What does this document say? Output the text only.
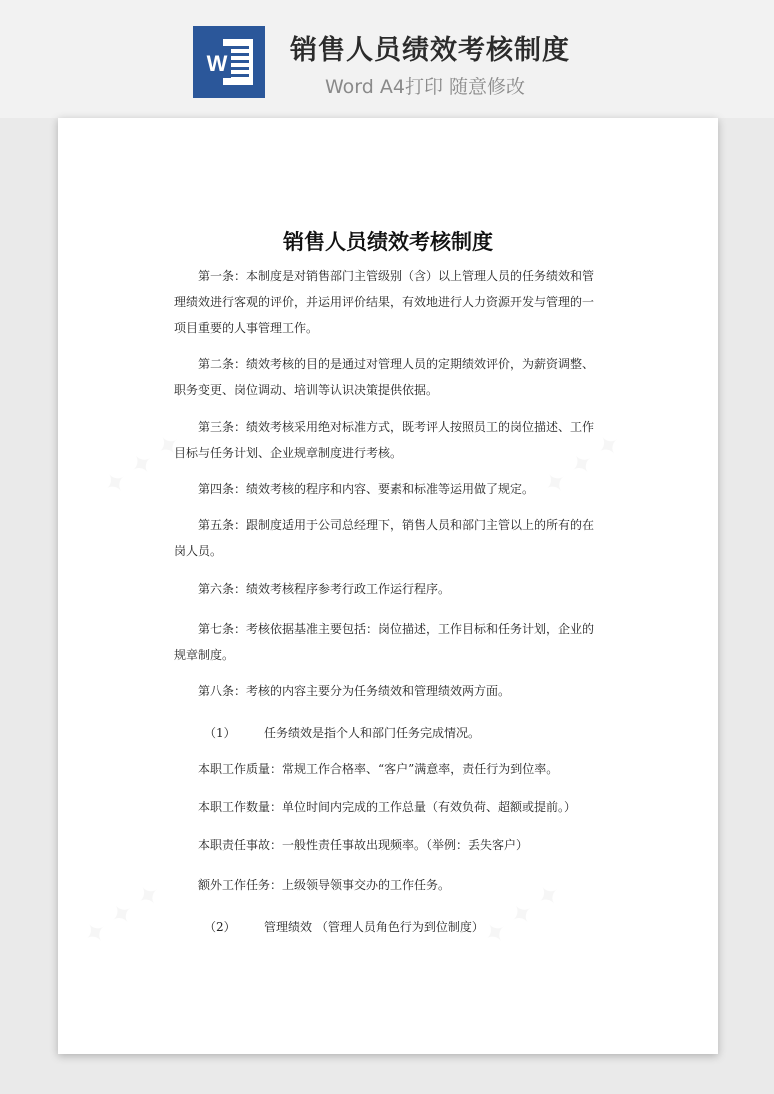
W 销售人员绩效考核制度
Word A4打印 随意修改
销售人员绩效考核制度

第一条：本制度是对销售部门主管级别（含）以上管理人员的任务绩效和管理绩效进行客观的评价，并运用评价结果，有效地进行人力资源开发与管理的一项目重要的人事管理工作。

第二条：绩效考核的目的是通过对管理人员的定期绩效评价，为薪资调整、职务变更、岗位调动、培训等认识决策提供依据。

第三条：绩效考核采用绝对标准方式，既考评人按照员工的岗位描述、工作目标与任务计划、企业规章制度进行考核。

第四条：绩效考核的程序和内容、要素和标准等运用做了规定。

第五条：跟制度适用于公司总经理下，销售人员和部门主管以上的所有的在岗人员。

第六条：绩效考核程序参考行政工作运行程序。

第七条：考核依据基准主要包括：岗位描述，工作目标和任务计划，企业的规章制度。

第八条：考核的内容主要分为任务绩效和管理绩效两方面。

（1） 任务绩效是指个人和部门任务完成情况。

本职工作质量：常规工作合格率、“客户”满意率，责任行为到位率。

本职工作数量：单位时间内完成的工作总量（有效负荷、超额或提前。）

本职责任事故：一般性责任事故出现频率。（举例：丢失客户）

额外工作任务：上级领导领事交办的工作任务。

（2） 管理绩效 （管理人员角色行为到位制度）
